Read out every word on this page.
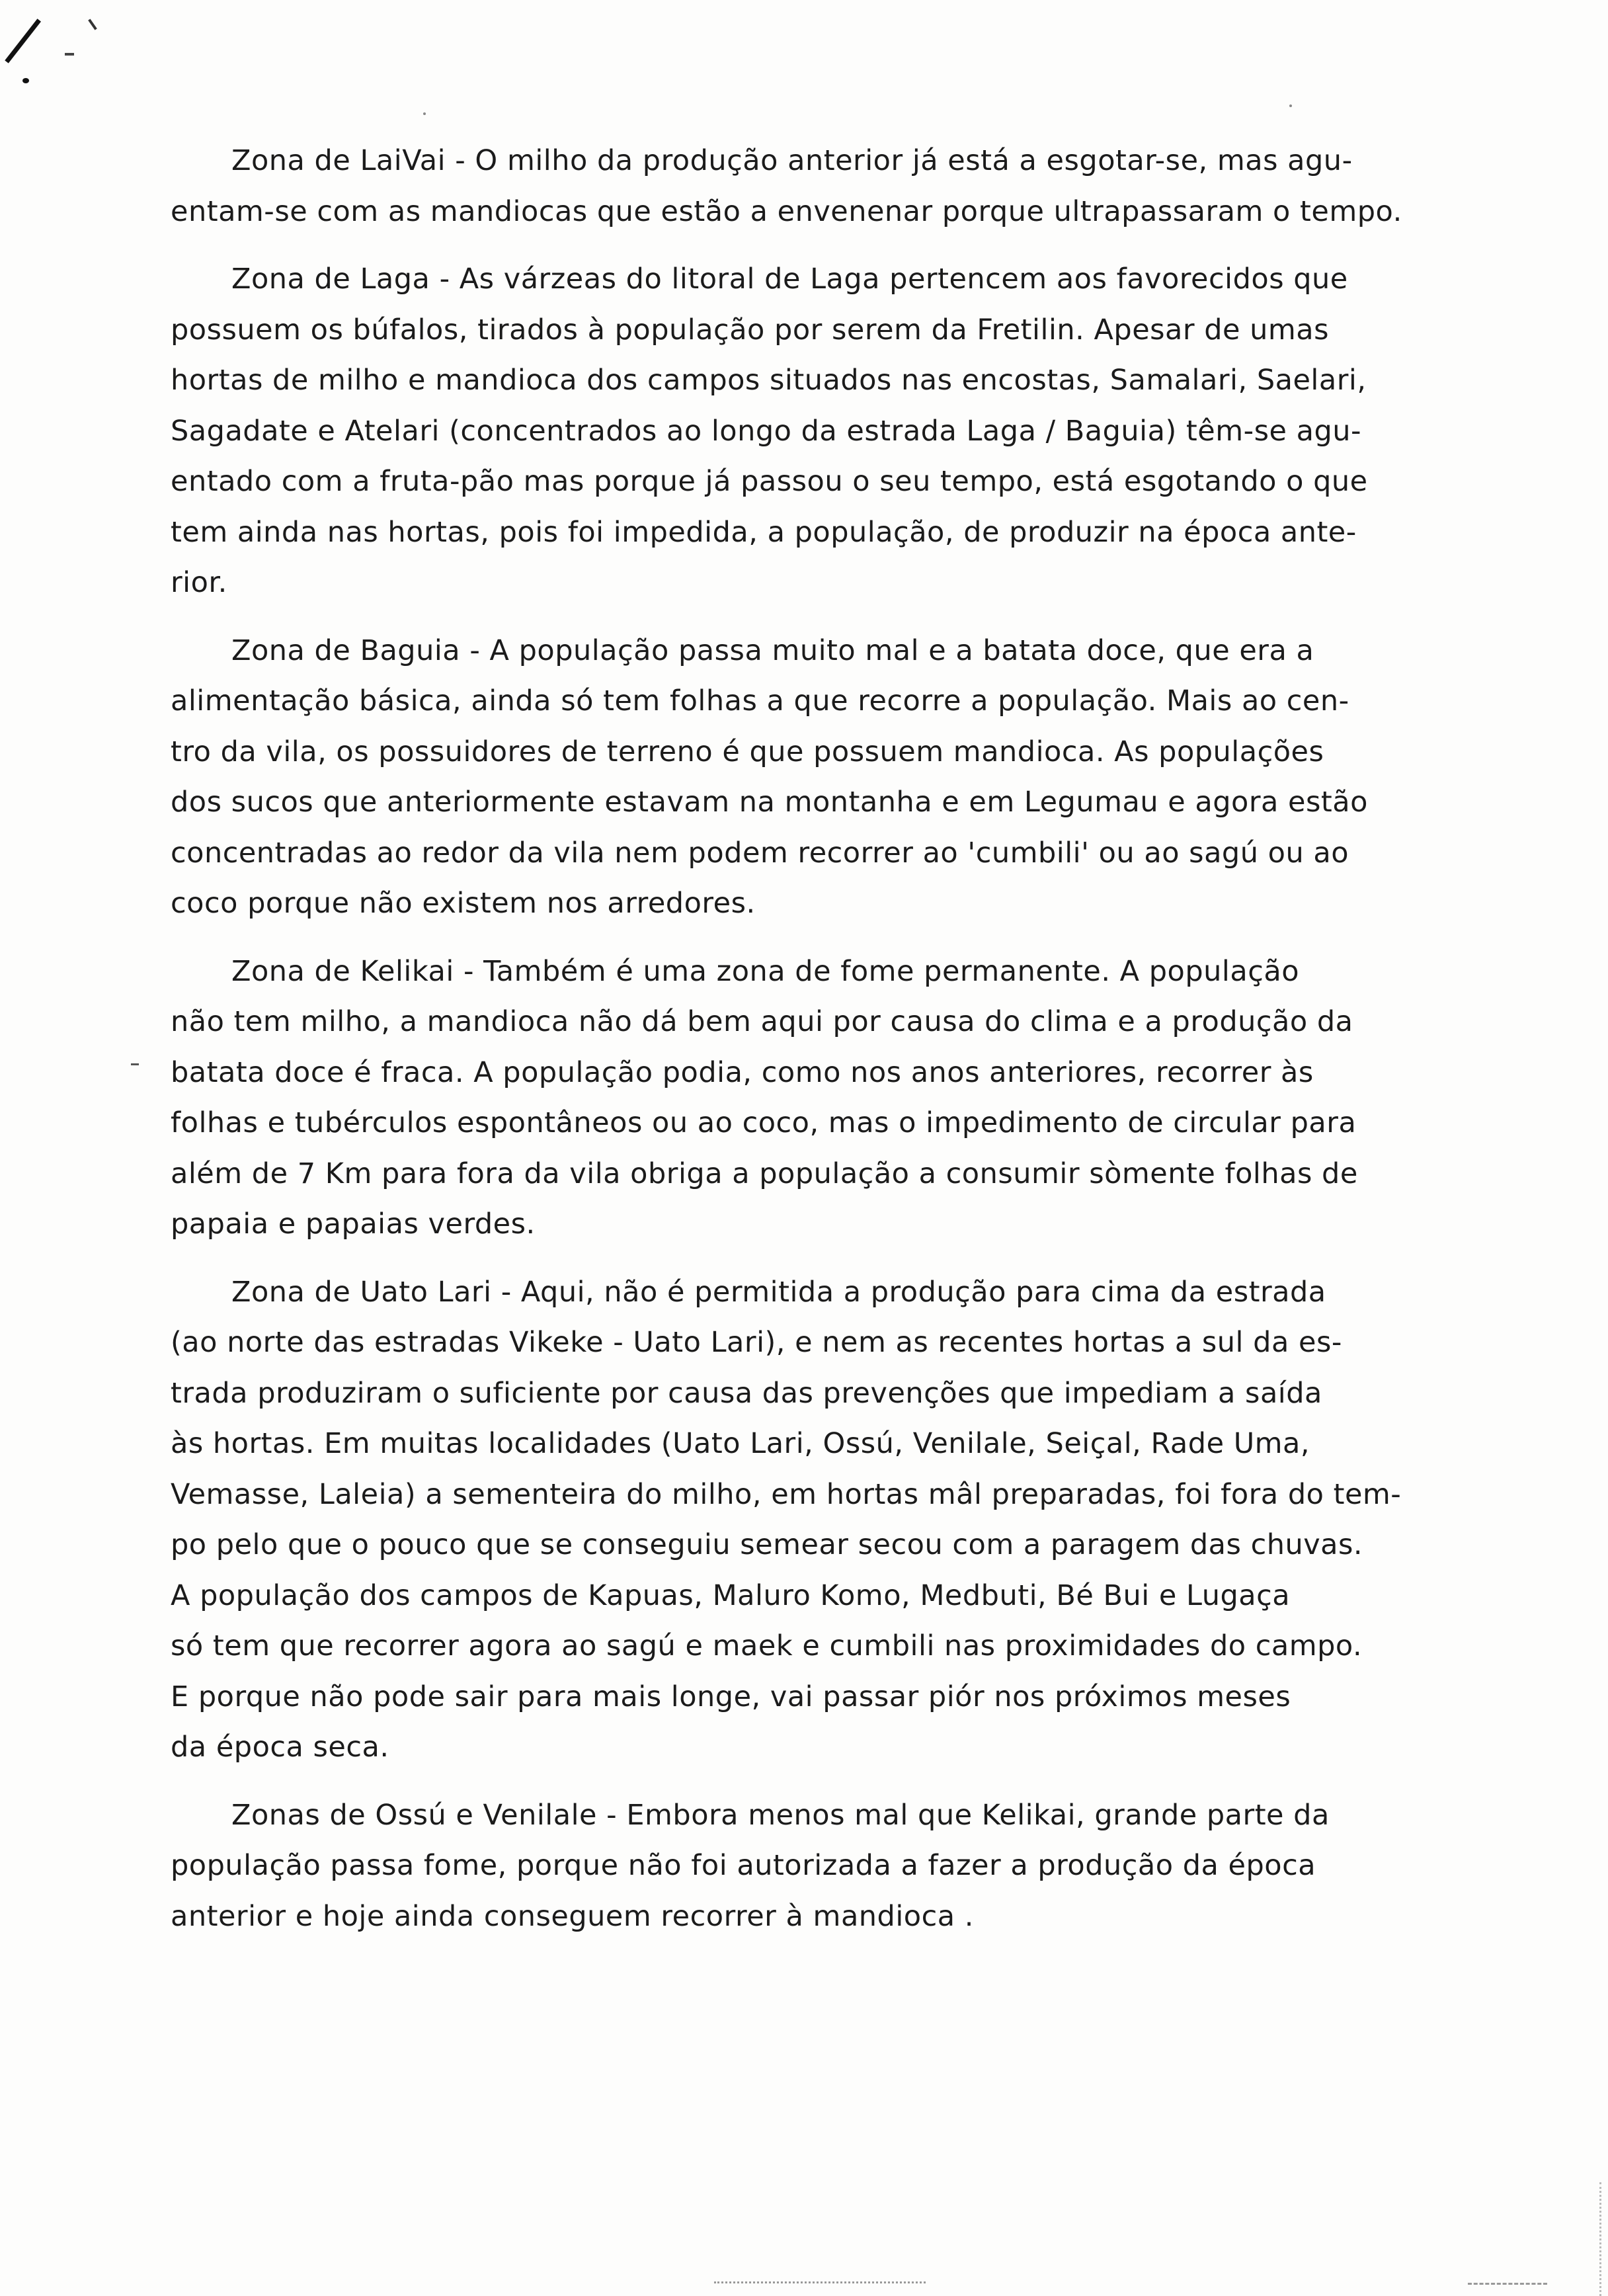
Zona de LaiVai - O milho da produção anterior já está a esgotar-se, mas agu-
entam-se com as mandiocas que estão a envenenar porque ultrapassaram o tempo.
Zona de Laga - As várzeas do litoral de Laga pertencem aos favorecidos que
possuem os búfalos, tirados à população por serem da Fretilin. Apesar de umas
hortas de milho e mandioca dos campos situados nas encostas, Samalari, Saelari,
Sagadate e Atelari (concentrados ao longo da estrada Laga / Baguia) têm-se agu-
entado com a fruta-pão mas porque já passou o seu tempo, está esgotando o que
tem ainda nas hortas, pois foi impedida, a população, de produzir na época ante-
rior.
Zona de Baguia - A população passa muito mal e a batata doce, que era a
alimentação básica, ainda só tem folhas a que recorre a população. Mais ao cen-
tro da vila, os possuidores de terreno é que possuem mandioca. As populações
dos sucos que anteriormente estavam na montanha e em Legumau e agora estão
concentradas ao redor da vila nem podem recorrer ao 'cumbili' ou ao sagú ou ao
coco porque não existem nos arredores.
Zona de Kelikai - Também é uma zona de fome permanente. A população
não tem milho, a mandioca não dá bem aqui por causa do clima e a produção da
batata doce é fraca. A população podia, como nos anos anteriores, recorrer às
folhas e tubérculos espontâneos ou ao coco, mas o impedimento de circular para
além de 7 Km para fora da vila obriga a população a consumir sòmente folhas de
papaia e papaias verdes.
Zona de Uato Lari - Aqui, não é permitida a produção para cima da estrada
(ao norte das estradas Vikeke - Uato Lari), e nem as recentes hortas a sul da es-
trada produziram o suficiente por causa das prevenções que impediam a saída
às hortas. Em muitas localidades (Uato Lari, Ossú, Venilale, Seiçal, Rade Uma,
Vemasse, Laleia) a sementeira do milho, em hortas mâl preparadas, foi fora do tem-
po pelo que o pouco que se conseguiu semear secou com a paragem das chuvas.
A população dos campos de Kapuas, Maluro Komo, Medbuti, Bé Bui e Lugaça
só tem que recorrer agora ao sagú e maek e cumbili nas proximidades do campo.
E porque não pode sair para mais longe, vai passar piór nos próximos meses
da época seca.
Zonas de Ossú e Venilale - Embora menos mal que Kelikai, grande parte da
população passa fome, porque não foi autorizada a fazer a produção da época
anterior e hoje ainda conseguem recorrer à mandioca .
